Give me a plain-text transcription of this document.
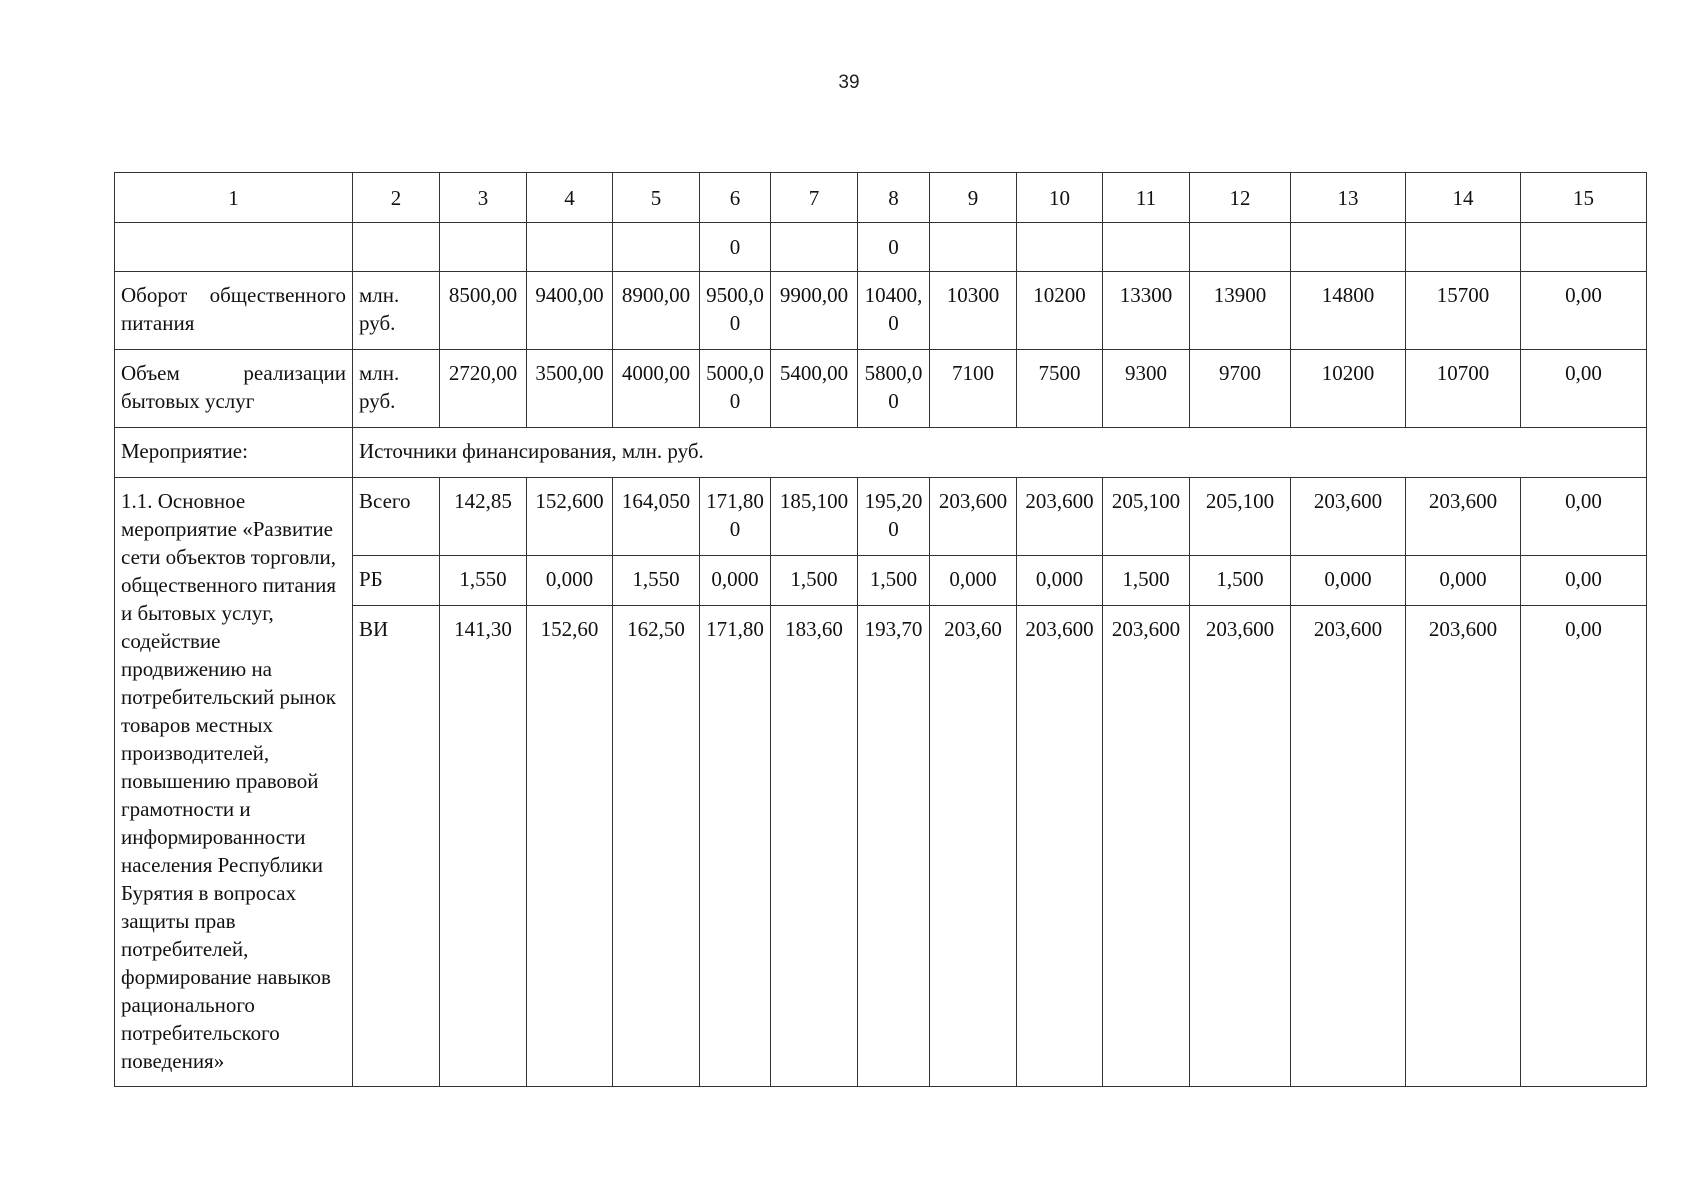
39
1	2	3	4	5	6	7	8	9	10	11	12	13	14	15
					0		0							
Оборот общественного питания	млн. руб.	8500,00	9400,00	8900,00	9500,00	9900,00	10400,0	10300	10200	13300	13900	14800	15700	0,00
Объем реализации бытовых услуг	млн. руб.	2720,00	3500,00	4000,00	5000,00	5400,00	5800,00	7100	7500	9300	9700	10200	10700	0,00
Мероприятие:	Источники финансирования, млн. руб.													
1.1. Основное мероприятие «Развитие сети объектов торговли, общественного питания и бытовых услуг, содействие продвижению на потребительский рынок товаров местных производителей, повышению правовой грамотности и информированности населения Республики Бурятия в вопросах защиты прав потребителей, формирование навыков рационального потребительского поведения»	Всего	142,85	152,600	164,050	171,800	185,100	195,200	203,600	203,600	205,100	205,100	203,600	203,600	0,00
	РБ	1,550	0,000	1,550	0,000	1,500	1,500	0,000	0,000	1,500	1,500	0,000	0,000	0,00
	ВИ	141,30	152,60	162,50	171,80	183,60	193,70	203,60	203,600	203,600	203,600	203,600	203,600	0,00
